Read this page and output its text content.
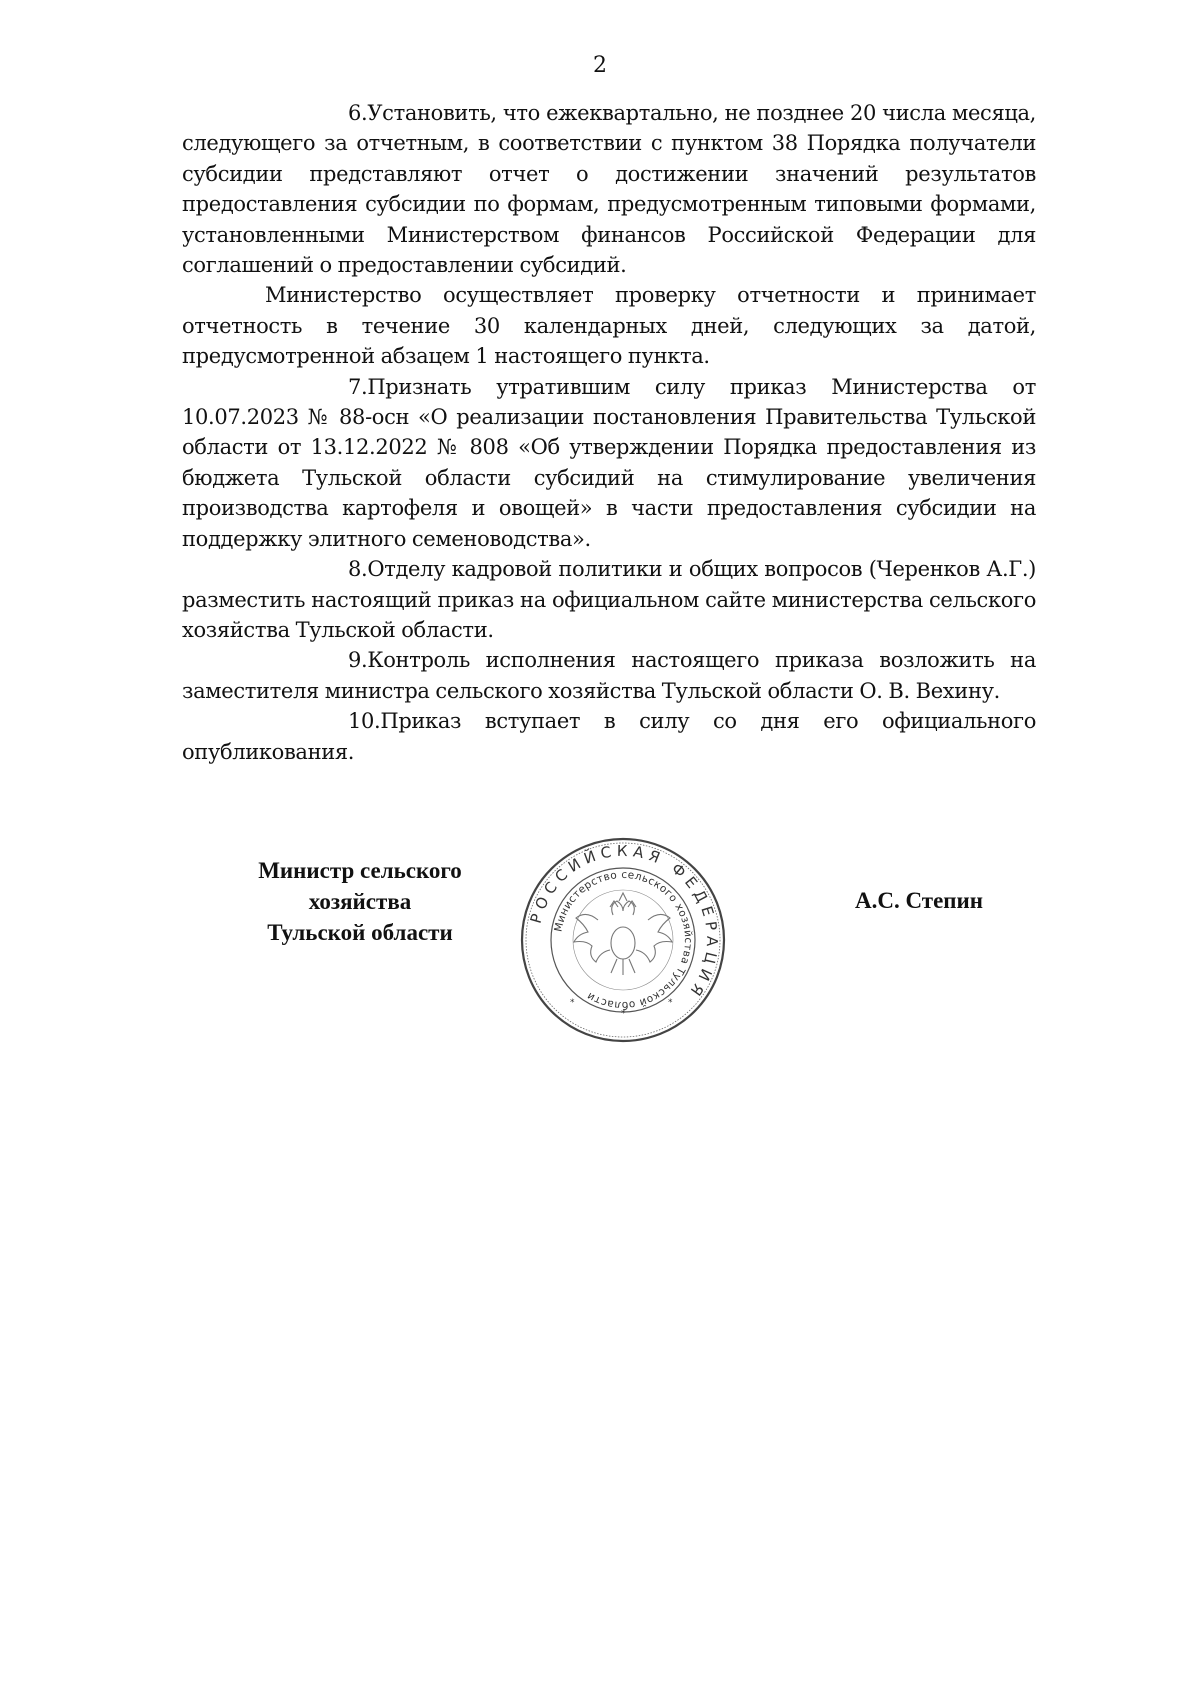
2

6.Установить, что ежеквартально, не позднее 20 числа месяца, следующего за отчетным, в соответствии с пунктом 38 Порядка получатели субсидии представляют отчет о достижении значений результатов предоставления субсидии по формам, предусмотренным типовыми формами, установленными Министерством финансов Российской Федерации для соглашений о предоставлении субсидий.

Министерство осуществляет проверку отчетности и принимает отчетность в течение 30 календарных дней, следующих за датой, предусмотренной абзацем 1 настоящего пункта.

7.Признать утратившим силу приказ Министерства от 10.07.2023 № 88-осн «О реализации постановления Правительства Тульской области от 13.12.2022 № 808 «Об утверждении Порядка предоставления из бюджета Тульской области субсидий на стимулирование увеличения производства картофеля и овощей» в части предоставления субсидии на поддержку элитного семеноводства».

8.Отделу кадровой политики и общих вопросов (Черенков А.Г.) разместить настоящий приказ на официальном сайте министерства сельского хозяйства Тульской области.

9.Контроль исполнения настоящего приказа возложить на заместителя министра сельского хозяйства Тульской области О. В. Вехину.

10.Приказ вступает в силу со дня его официального опубликования.

Министр сельского
хозяйства
Тульской области
РОССИЙСКАЯ ФЕДЕРАЦИЯ
Министерство сельского хозяйства Тульской области
*
*	*
А.С. Степин
